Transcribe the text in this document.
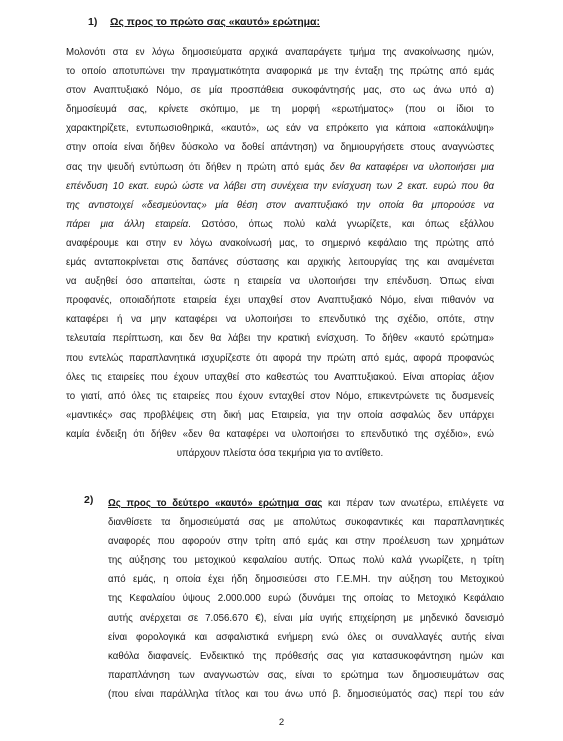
1) Ως προς το πρώτο σας «καυτό» ερώτημα:

Μολονότι στα εν λόγω δημοσιεύματα αρχικά αναπαράγετε τμήμα της ανακοίνωσης ημών,
το οποίο αποτυπώνει την πραγματικότητα αναφορικά με την ένταξη της πρώτης από εμάς
στον Αναπτυξιακό Νόμο, σε μία προσπάθεια συκοφάντησής μας, στο ως άνω υπό α)
δημοσίευμά σας, κρίνετε σκόπιμο, με τη μορφή «ερωτήματος» (που οι ίδιοι το
χαρακτηρίζετε, εντυπωσιοθηρικά, «καυτό», ως εάν να επρόκειτο για κάποια «αποκάλυψη»
στην οποία είναι δήθεν δύσκολο να δοθεί απάντηση) να δημιουργήσετε στους αναγνώστες
σας την ψευδή εντύπωση ότι δήθεν η πρώτη από εμάς δεν θα καταφέρει να υλοποιήσει μια
επένδυση 10 εκατ. ευρώ ώστε να λάβει στη συνέχεια την ενίσχυση των 2 εκατ. ευρώ που θα
της αντιστοιχεί «δεσμεύοντας» μία θέση στον αναπτυξιακό την οποία θα μπορούσε να
πάρει μια άλλη εταιρεία. Ωστόσο, όπως πολύ καλά γνωρίζετε, και όπως εξάλλου
αναφέρουμε και στην εν λόγω ανακοίνωσή μας, το σημερινό κεφάλαιο της πρώτης από
εμάς ανταποκρίνεται στις δαπάνες σύστασης και αρχικής λειτουργίας της και αναμένεται
να αυξηθεί όσο απαιτείται, ώστε η εταιρεία να υλοποιήσει την επένδυση. Όπως είναι
προφανές, οποιαδήποτε εταιρεία έχει υπαχθεί στον Αναπτυξιακό Νόμο, είναι πιθανόν να
καταφέρει ή να μην καταφέρει να υλοποιήσει το επενδυτικό της σχέδιο, οπότε, στην
τελευταία περίπτωση, και δεν θα λάβει την κρατική ενίσχυση. Το δήθεν «καυτό ερώτημα»
που εντελώς παραπλανητικά ισχυρίζεστε ότι αφορά την πρώτη από εμάς, αφορά προφανώς
όλες τις εταιρείες που έχουν υπαχθεί στο καθεστώς του Αναπτυξιακού. Είναι απορίας άξιον
το γιατί, από όλες τις εταιρείες που έχουν ενταχθεί στον Νόμο, επικεντρώνετε τις δυσμενείς
«μαντικές» σας προβλέψεις στη δική μας Εταιρεία, για την οποία ασφαλώς δεν υπάρχει
καμία ένδειξη ότι δήθεν «δεν θα καταφέρει να υλοποιήσει το επενδυτικό της σχέδιο», ενώ
υπάρχουν πλείστα όσα τεκμήρια για το αντίθετο.

2) Ως προς το δεύτερο «καυτό» ερώτημα σας και πέραν των ανωτέρω, επιλέγετε να
διανθίσετε τα δημοσιεύματά σας με απολύτως συκοφαντικές και παραπλανητικές
αναφορές που αφορούν στην τρίτη από εμάς και στην προέλευση των χρημάτων
της αύξησης του μετοχικού κεφαλαίου αυτής. Όπως πολύ καλά γνωρίζετε, η τρίτη
από εμάς, η οποία έχει ήδη δημοσιεύσει στο Γ.Ε.ΜΗ. την αύξηση του Μετοχικού
της Κεφαλαίου ύψους 2.000.000 ευρώ (δυνάμει της οποίας το Μετοχικό Κεφάλαιο
αυτής ανέρχεται σε 7.056.670 €), είναι μία υγιής επιχείρηση με μηδενικό δανεισμό
είναι φορολογικά και ασφαλιστικά ενήμερη ενώ όλες οι συναλλαγές αυτής είναι
καθόλα διαφανείς. Ενδεικτικό της πρόθεσής σας για κατασυκοφάντηση ημών και
παραπλάνηση των αναγνωστών σας, είναι το ερώτημα των δημοσιευμάτων σας
(που είναι παράλληλα τίτλος και του άνω υπό β. δημοσιεύματός σας) περί του εάν

2
